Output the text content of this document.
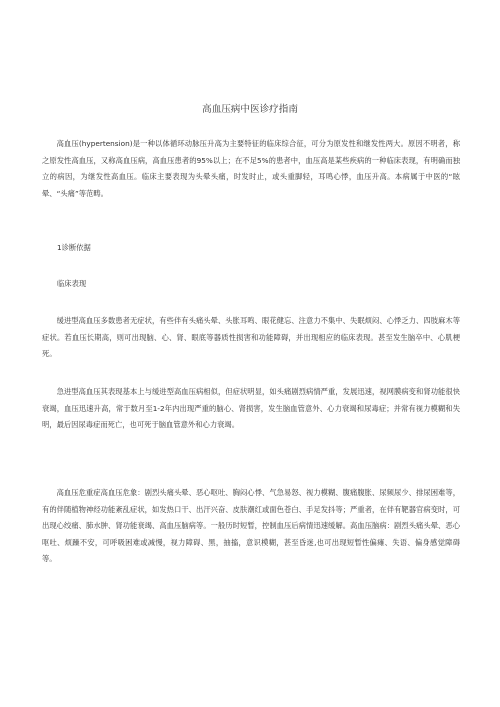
高血压病中医诊疗指南

高血压(hypertension)是一种以体循环动脉压升高为主要特征的临床综合征，可分为原发性和继发性两大。原因不明者，称之原发性高血压，又称高血压病，高血压患者的95%以上；在不足5%的患者中，血压高是某些疾病的一种临床表现，有明确而独立的病因，为继发性高血压。临床主要表现为头晕头痛，时发时止，或头重脚轻，耳鸣心悸，血压升高。本病属于中医的“眩晕、“头痛”等范畴。

1诊断依据

临床表现

缓进型高血压多数患者无症状，有些伴有头痛头晕、头胀耳鸣、眼花健忘、注意力不集中、失眠烦闷、心悸乏力、四肢麻木等症状。若血压长期高，则可出现脑、心、肾、眼底等器质性损害和功能障碍，并出现相应的临床表现。甚至发生脑卒中、心肌梗死。

急进型高血压其表现基本上与缓进型高血压病相似，但症状明显，如头痛剧烈病情严重，发展迅速，视网膜病变和肾功能很快衰竭，血压迅速升高，常于数月至1-2年内出现严重的脑心、肾损害，发生脑血管意外、心力衰竭和尿毒症；并常有视力模糊和失明，最后因尿毒症而死亡，也可死于脑血管意外和心力衰竭。

高血压危重症高血压危象：剧烈头痛头晕、恶心呕吐、胸闷心悸、气急易怒、视力模糊、腹痛腹胀、尿频尿少、排尿困难等，有的伴随植物神经功能紊乱症状，如发热口干、出汗兴奋、皮肤潮红或面色苍白、手足发抖等；严重者，在伴有靶器官病变时，可出现心绞痛、肺水肿、肾功能衰竭、高血压脑病等。一般历时短暂，控制血压后病情迅速缓解。高血压脑病：剧烈头痛头晕、恶心呕吐、烦躁不安，可呼吸困难或减慢，视力障碍、黑，抽搐，意识模糊，甚至昏迷,也可出现短暂性偏瘫、失语、偏身感觉障碍等。
